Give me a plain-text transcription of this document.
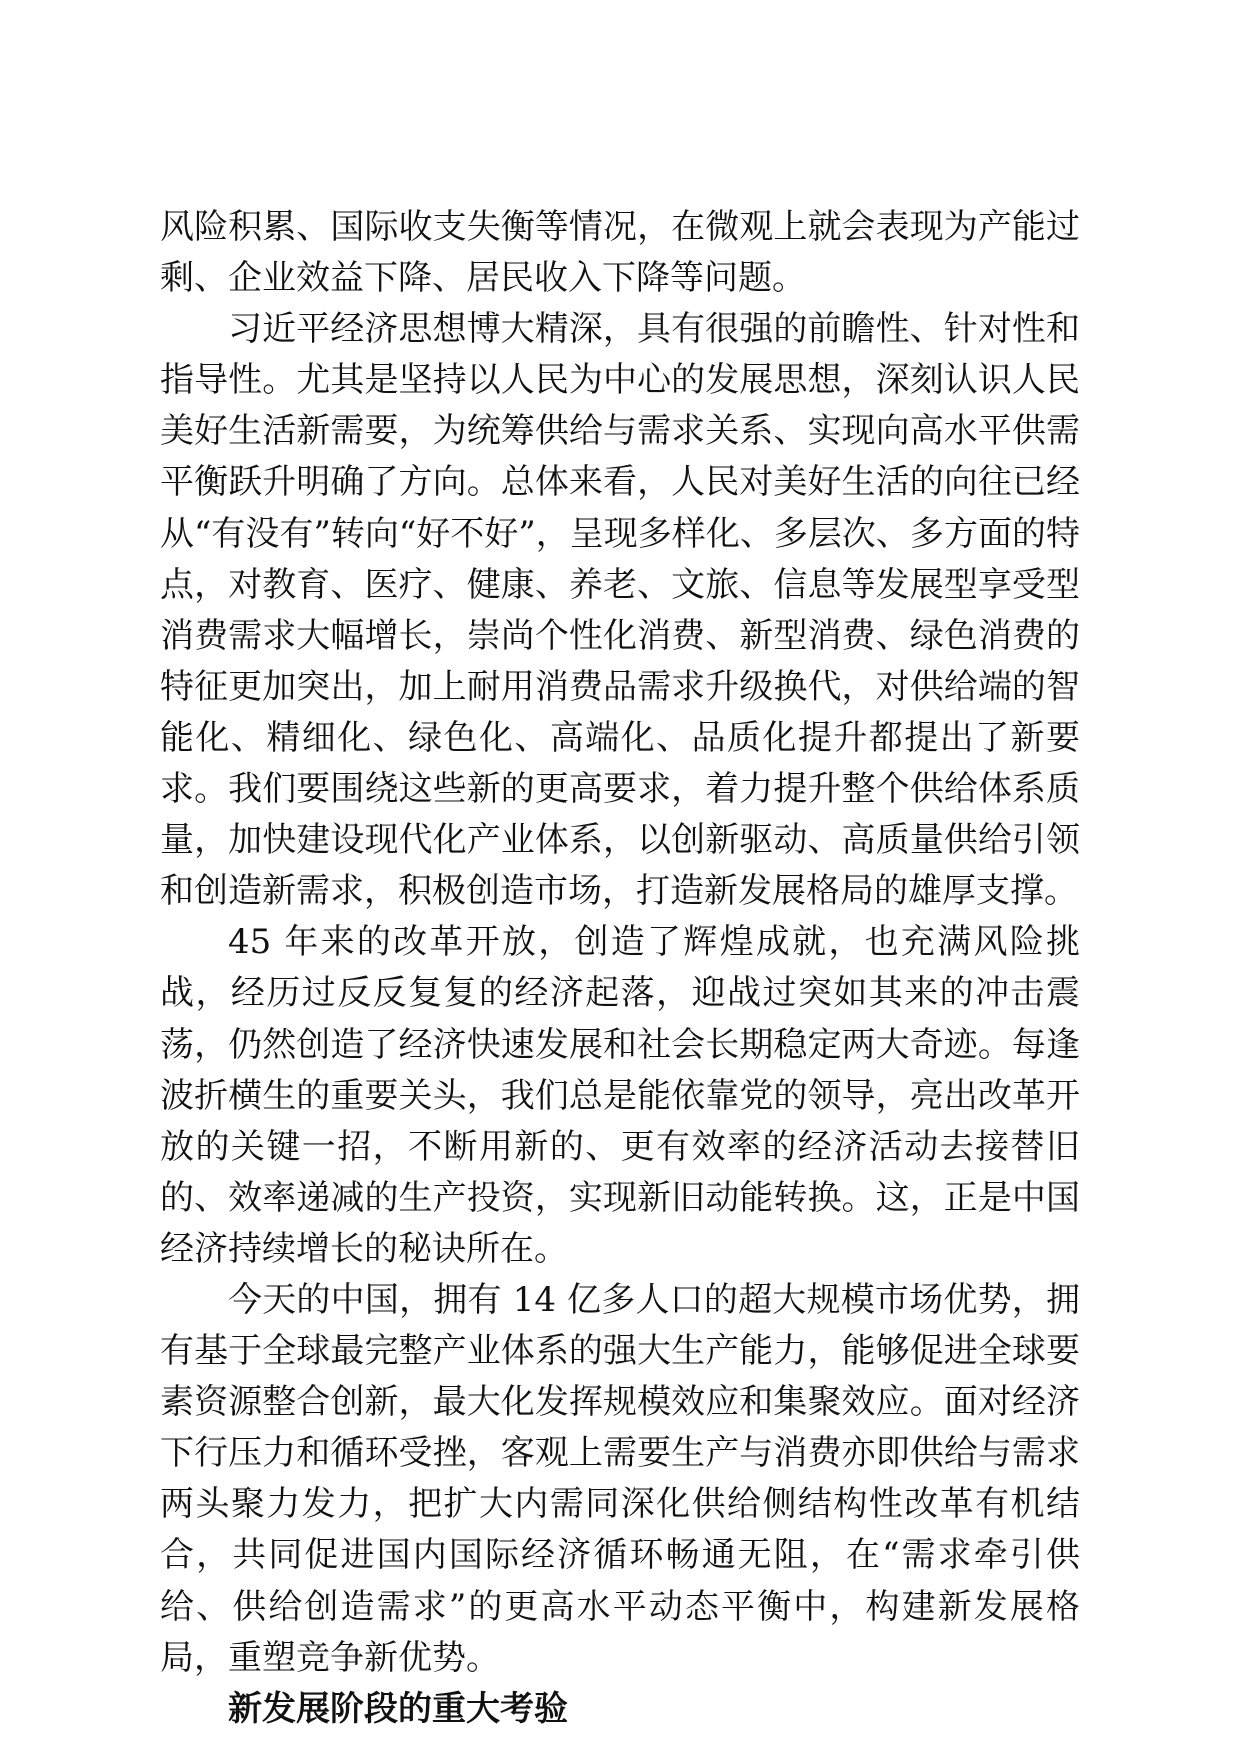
风险积累、国际收支失衡等情况，在微观上就会表现为产能过剩、企业效益下降、居民收入下降等问题。

习近平经济思想博大精深，具有很强的前瞻性、针对性和指导性。尤其是坚持以人民为中心的发展思想，深刻认识人民美好生活新需要，为统筹供给与需求关系、实现向高水平供需平衡跃升明确了方向。总体来看，人民对美好生活的向往已经从“有没有”转向“好不好”，呈现多样化、多层次、多方面的特点，对教育、医疗、健康、养老、文旅、信息等发展型享受型消费需求大幅增长，崇尚个性化消费、新型消费、绿色消费的特征更加突出，加上耐用消费品需求升级换代，对供给端的智能化、精细化、绿色化、高端化、品质化提升都提出了新要求。我们要围绕这些新的更高要求，着力提升整个供给体系质量，加快建设现代化产业体系，以创新驱动、高质量供给引领和创造新需求，积极创造市场，打造新发展格局的雄厚支撑。

45 年来的改革开放，创造了辉煌成就，也充满风险挑战，经历过反反复复的经济起落，迎战过突如其来的冲击震荡，仍然创造了经济快速发展和社会长期稳定两大奇迹。每逢波折横生的重要关头，我们总是能依靠党的领导，亮出改革开放的关键一招，不断用新的、更有效率的经济活动去接替旧的、效率递减的生产投资，实现新旧动能转换。这，正是中国经济持续增长的秘诀所在。

今天的中国，拥有 14 亿多人口的超大规模市场优势，拥有基于全球最完整产业体系的强大生产能力，能够促进全球要素资源整合创新，最大化发挥规模效应和集聚效应。面对经济下行压力和循环受挫，客观上需要生产与消费亦即供给与需求两头聚力发力，把扩大内需同深化供给侧结构性改革有机结合，共同促进国内国际经济循环畅通无阻，在“需求牵引供给、供给创造需求”的更高水平动态平衡中，构建新发展格局，重塑竞争新优势。

新发展阶段的重大考验
